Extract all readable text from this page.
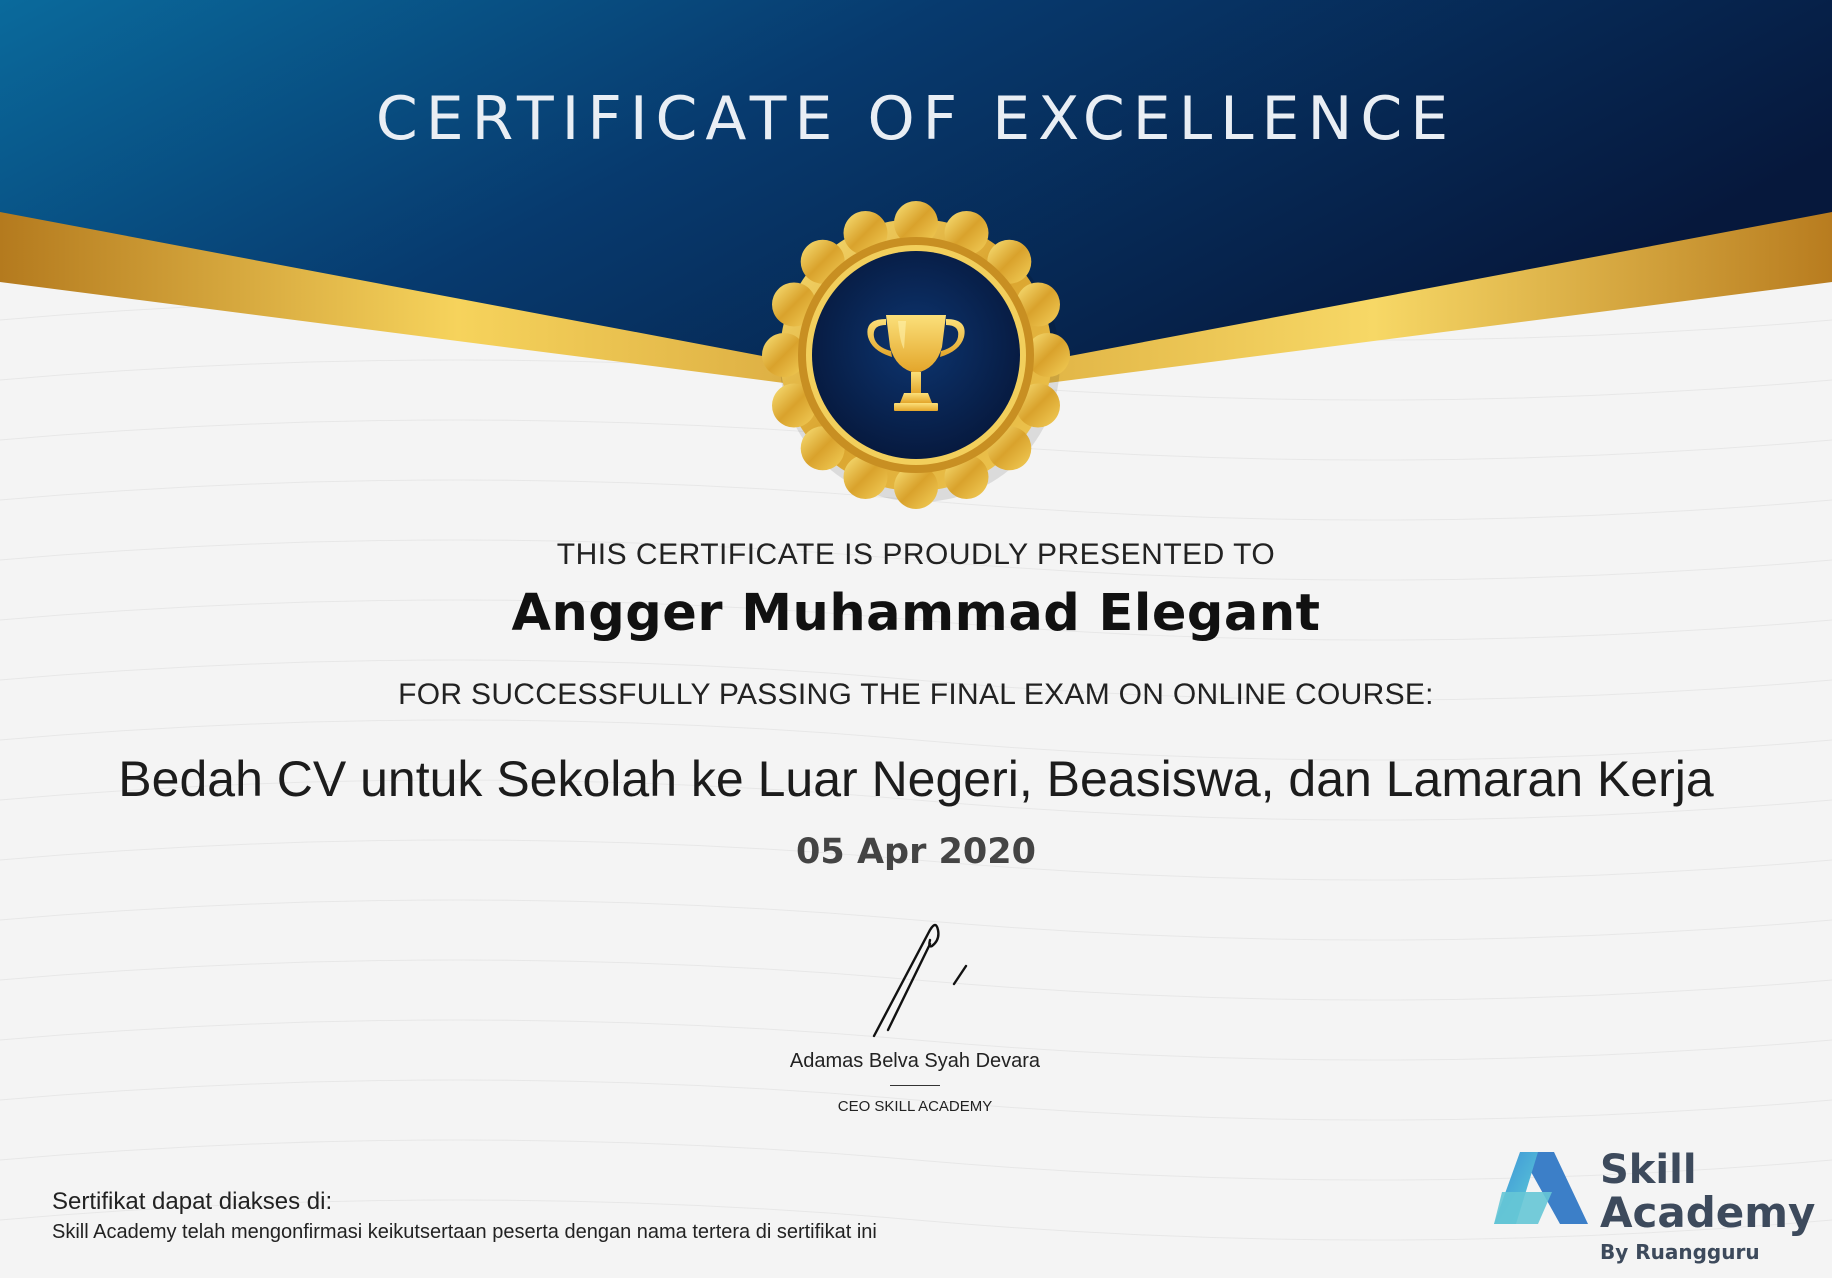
CERTIFICATE OF EXCELLENCE
THIS CERTIFICATE IS PROUDLY PRESENTED TO
Angger Muhammad Elegant
FOR SUCCESSFULLY PASSING THE FINAL EXAM ON ONLINE COURSE:
Bedah CV untuk Sekolah ke Luar Negeri, Beasiswa, dan Lamaran Kerja
05 Apr 2020
Adamas Belva Syah Devara
CEO SKILL ACADEMY
Sertifikat dapat diakses di:
Skill Academy telah mengonfirmasi keikutsertaan peserta dengan nama tertera di sertifikat ini
Skill
Academy
By Ruangguru
